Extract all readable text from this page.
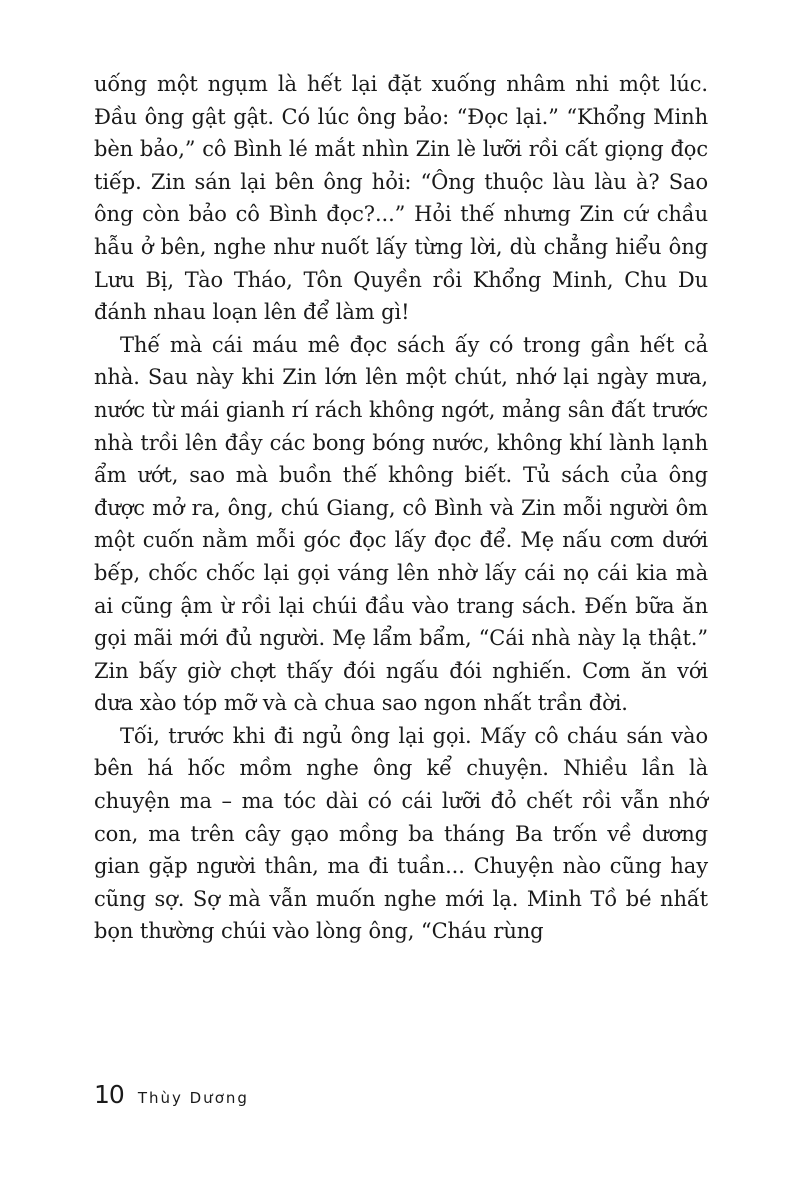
uống một ngụm là hết lại đặt xuống nhâm nhi một lúc. Đầu ông gật gật. Có lúc ông bảo: “Đọc lại.” “Khổng Minh bèn bảo,” cô Bình lé mắt nhìn Zin lè lưỡi rồi cất giọng đọc tiếp. Zin sán lại bên ông hỏi: “Ông thuộc làu làu à? Sao ông còn bảo cô Bình đọc?...” Hỏi thế nhưng Zin cứ chầu hẫu ở bên, nghe như nuốt lấy từng lời, dù chẳng hiểu ông Lưu Bị, Tào Tháo, Tôn Quyền rồi Khổng Minh, Chu Du đánh nhau loạn lên để làm gì!

Thế mà cái máu mê đọc sách ấy có trong gần hết cả nhà. Sau này khi Zin lớn lên một chút, nhớ lại ngày mưa, nước từ mái gianh rí rách không ngớt, mảng sân đất trước nhà trồi lên đầy các bong bóng nước, không khí lành lạnh ẩm ướt, sao mà buồn thế không biết. Tủ sách của ông được mở ra, ông, chú Giang, cô Bình và Zin mỗi người ôm một cuốn nằm mỗi góc đọc lấy đọc để. Mẹ nấu cơm dưới bếp, chốc chốc lại gọi váng lên nhờ lấy cái nọ cái kia mà ai cũng ậm ừ rồi lại chúi đầu vào trang sách. Đến bữa ăn gọi mãi mới đủ người. Mẹ lẩm bẩm, “Cái nhà này lạ thật.” Zin bấy giờ chợt thấy đói ngấu đói nghiến. Cơm ăn với dưa xào tóp mỡ và cà chua sao ngon nhất trần đời.

Tối, trước khi đi ngủ ông lại gọi. Mấy cô cháu sán vào bên há hốc mồm nghe ông kể chuyện. Nhiều lần là chuyện ma – ma tóc dài có cái lưỡi đỏ chết rồi vẫn nhớ con, ma trên cây gạo mồng ba tháng Ba trốn về dương gian gặp người thân, ma đi tuần... Chuyện nào cũng hay cũng sợ. Sợ mà vẫn muốn nghe mới lạ. Minh Tồ bé nhất bọn thường chúi vào lòng ông, “Cháu rùng

10 Thùy Dương
